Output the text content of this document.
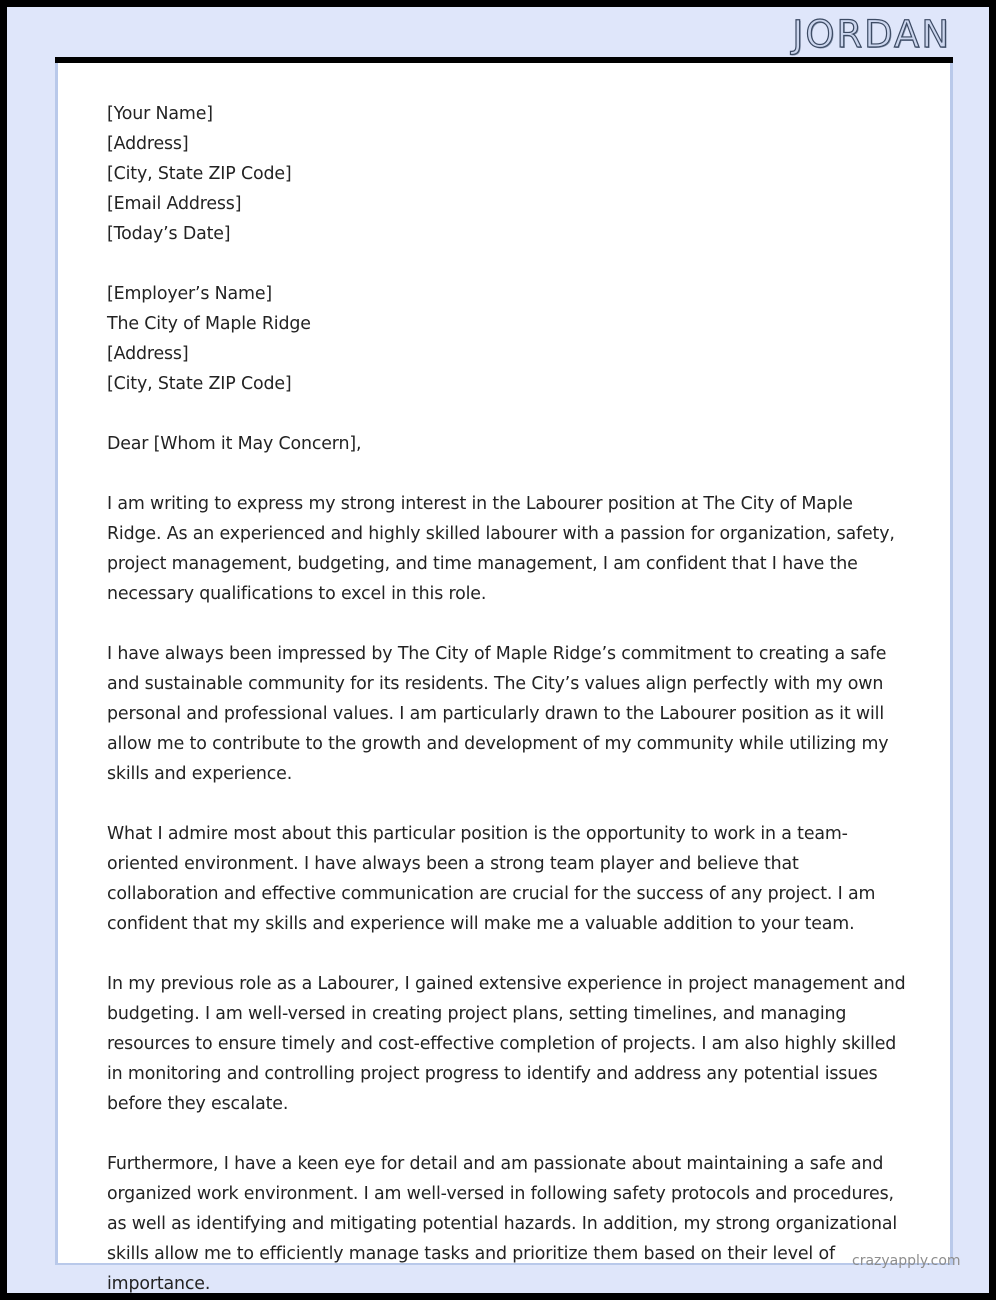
JORDAN
[Your Name]
[Address]
[City, State ZIP Code]
[Email Address]
[Today’s Date]
[Employer’s Name]
The City of Maple Ridge
[Address]
[City, State ZIP Code]

Dear [Whom it May Concern],

I am writing to express my strong interest in the Labourer position at The City of Maple Ridge. As an experienced and highly skilled labourer with a passion for organization, safety, project management, budgeting, and time management, I am confident that I have the necessary qualifications to excel in this role.

I have always been impressed by The City of Maple Ridge’s commitment to creating a safe and sustainable community for its residents. The City’s values align perfectly with my own personal and professional values. I am particularly drawn to the Labourer position as it will allow me to contribute to the growth and development of my community while utilizing my skills and experience.

What I admire most about this particular position is the opportunity to work in a team-oriented environment. I have always been a strong team player and believe that collaboration and effective communication are crucial for the success of any project. I am confident that my skills and experience will make me a valuable addition to your team.

In my previous role as a Labourer, I gained extensive experience in project management and budgeting. I am well-versed in creating project plans, setting timelines, and managing resources to ensure timely and cost-effective completion of projects. I am also highly skilled in monitoring and controlling project progress to identify and address any potential issues before they escalate.

Furthermore, I have a keen eye for detail and am passionate about maintaining a safe and organized work environment. I am well-versed in following safety protocols and procedures, as well as identifying and mitigating potential hazards. In addition, my strong organizational skills allow me to efficiently manage tasks and prioritize them based on their level of importance.

crazyapply.com
